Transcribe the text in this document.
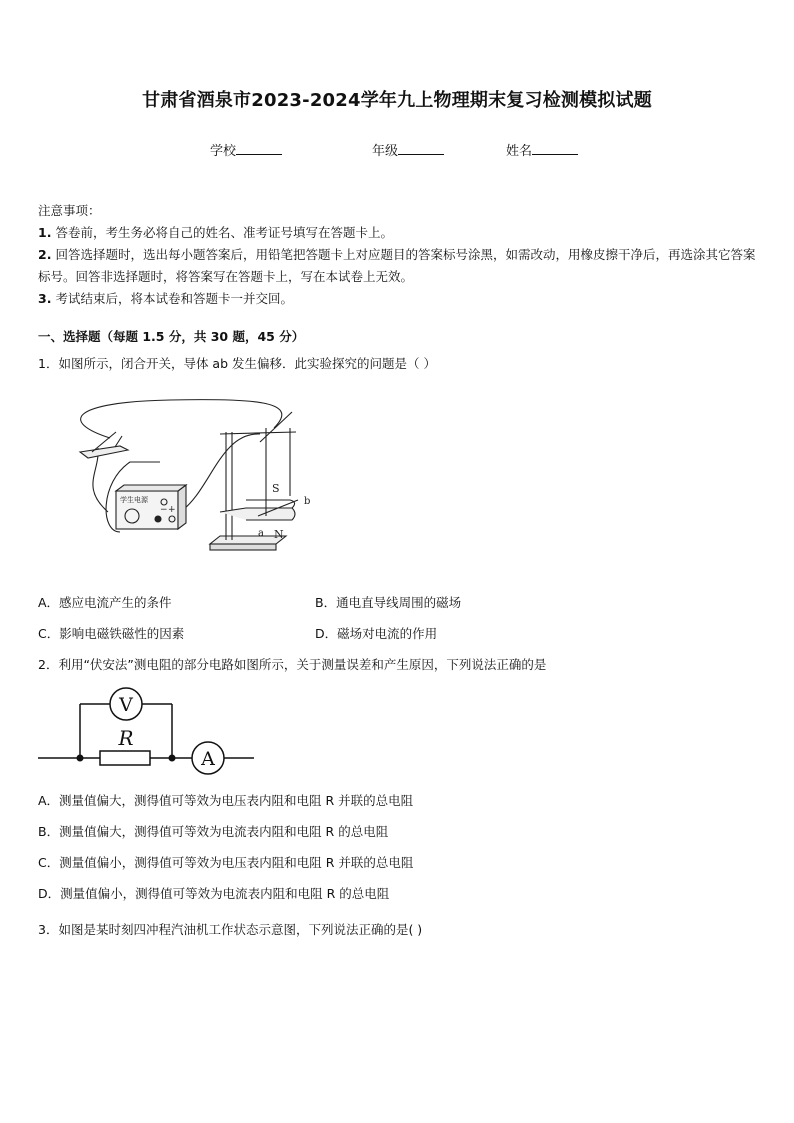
甘肃省酒泉市2023-2024学年九上物理期末复习检测模拟试题
学校	年级	姓名
注意事项：
1. 答卷前，考生务必将自己的姓名、准考证号填写在答题卡上。
2. 回答选择题时，选出每小题答案后，用铅笔把答题卡上对应题目的答案标号涂黑，如需改动，用橡皮擦干净后，再选涂其它答案标号。回答非选择题时，将答案写在答题卡上，写在本试卷上无效。
3. 考试结束后，将本试卷和答题卡一并交回。
一、选择题（每题 1.5 分，共 30 题，45 分）
1．如图所示，闭合开关，导体 ab 发生偏移．此实验探究的问题是（ ）
学生电源
− +
S
N
a
b
A．感应电流产生的条件	B．通电直导线周围的磁场
C．影响电磁铁磁性的因素	D．磁场对电流的作用
2．利用“伏安法”测电阻的部分电路如图所示，关于测量误差和产生原因，下列说法正确的是
V
R
A
A．测量值偏大，测得值可等效为电压表内阻和电阻 R 并联的总电阻
B．测量值偏大，测得值可等效为电流表内阻和电阻 R 的总电阻
C．测量值偏小，测得值可等效为电压表内阻和电阻 R 并联的总电阻
D．测量值偏小，测得值可等效为电流表内阻和电阻 R 的总电阻
3．如图是某时刻四冲程汽油机工作状态示意图，下列说法正确的是( )
